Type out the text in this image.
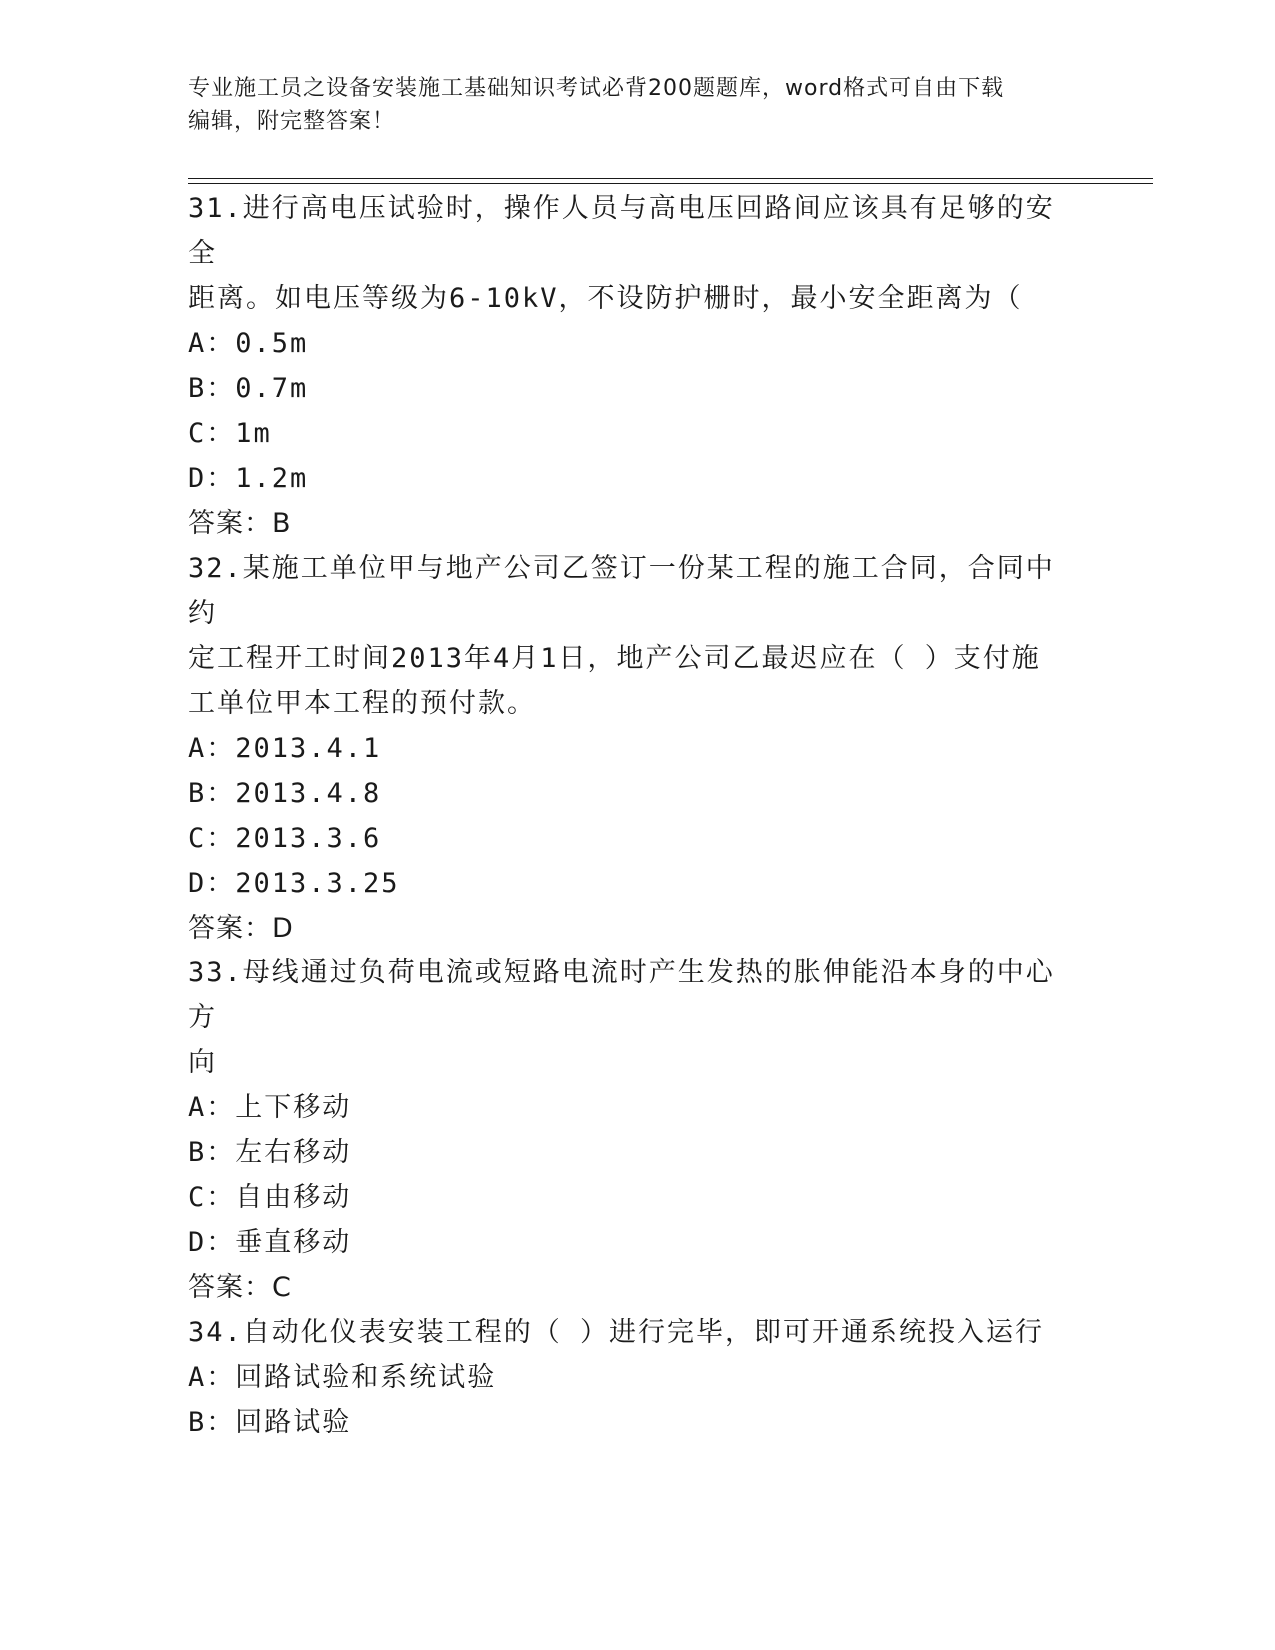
专业施工员之设备安装施工基础知识考试必背200题题库，word格式可自由下载
编辑，附完整答案！
31.进行高电压试验时，操作人员与高电压回路间应该具有足够的安全
距离。如电压等级为6-10kV，不设防护栅时，最小安全距离为（
A：0.5m
B：0.7m
C：1m
D：1.2m
答案：B
32.某施工单位甲与地产公司乙签订一份某工程的施工合同，合同中约
定工程开工时间2013年4月1日，地产公司乙最迟应在（ ）支付施
工单位甲本工程的预付款。
A：2013.4.1
B：2013.4.8
C：2013.3.6
D：2013.3.25
答案：D
33.母线通过负荷电流或短路电流时产生发热的胀伸能沿本身的中心方
向
A：上下移动
B：左右移动
C：自由移动
D：垂直移动
答案：C
34.自动化仪表安装工程的（ ）进行完毕，即可开通系统投入运行
A：回路试验和系统试验
B：回路试验
